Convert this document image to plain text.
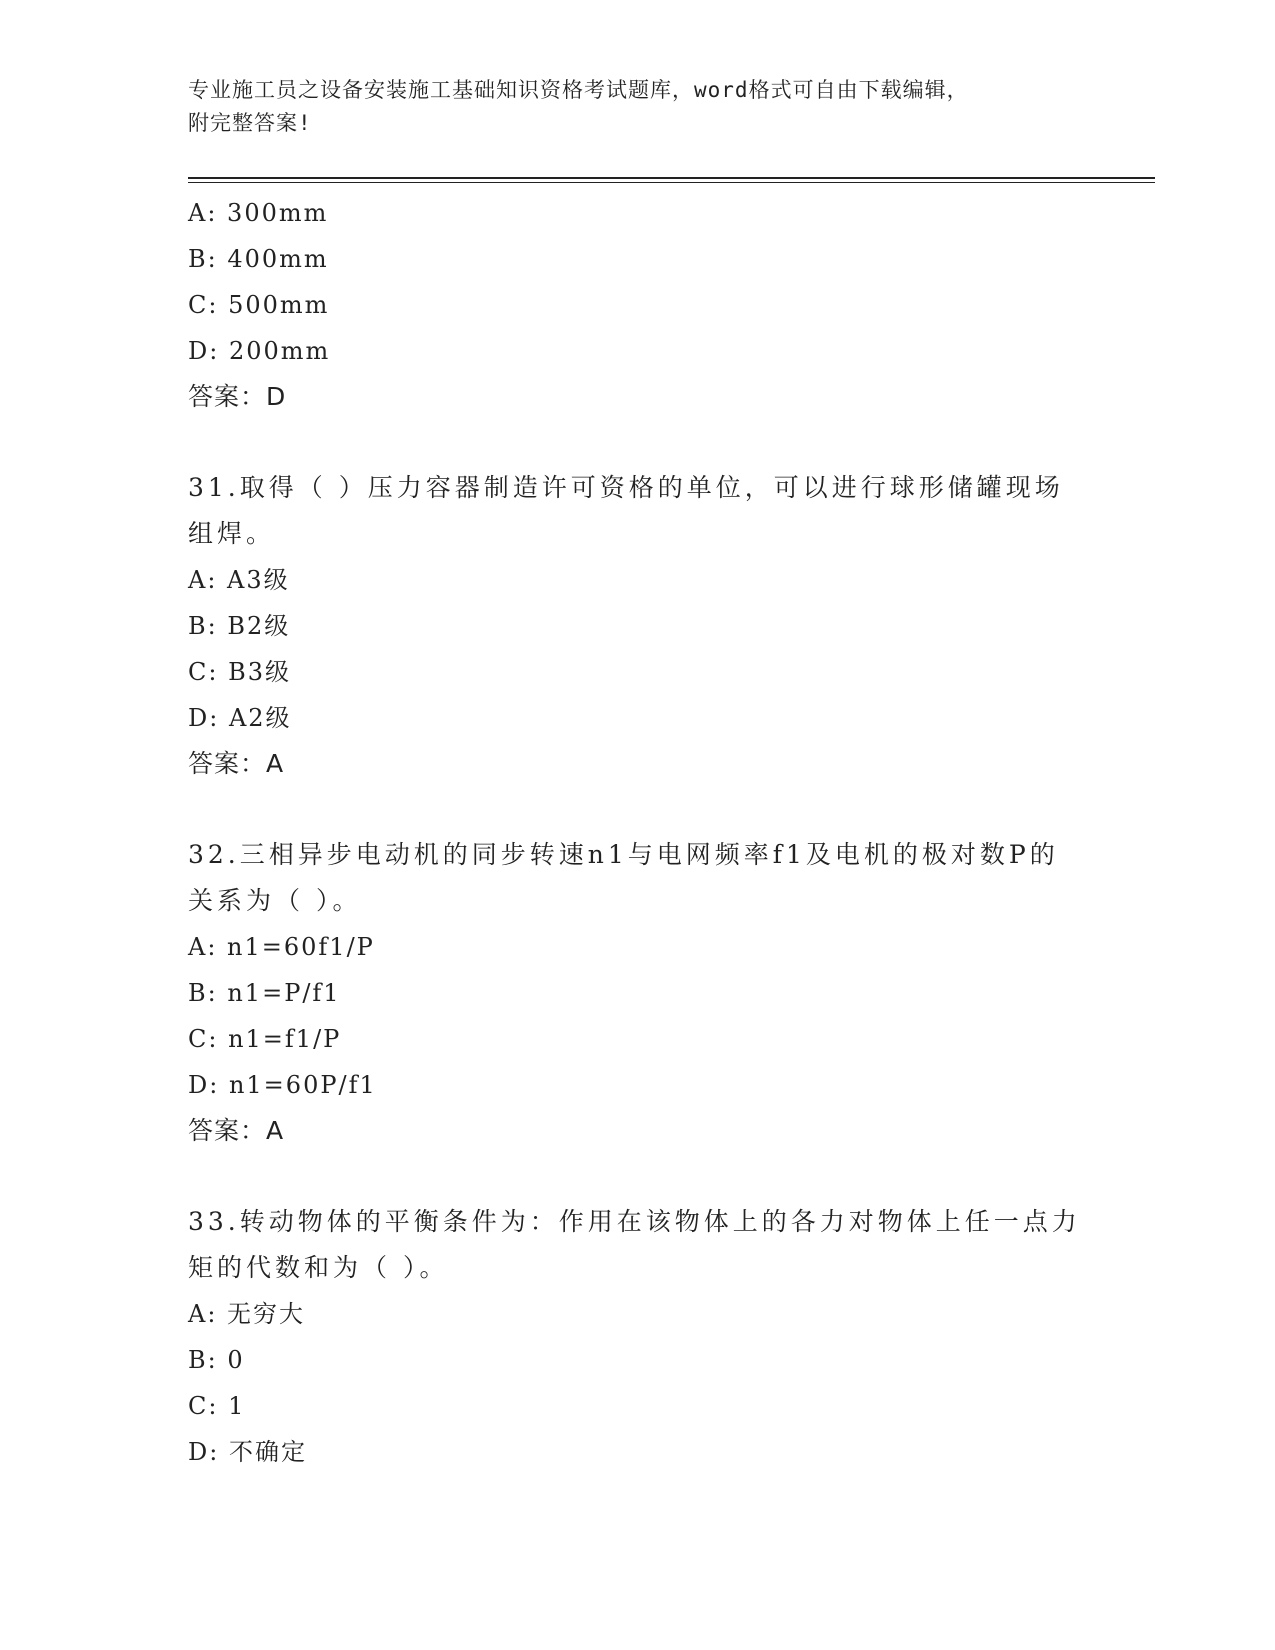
专业施工员之设备安装施工基础知识资格考试题库，word格式可自由下载编辑，
附完整答案!
A: 300mm
B: 400mm
C: 500mm
D: 200mm
答案：D
31.取得（ ）压力容器制造许可资格的单位，可以进行球形储罐现场
组焊。
A: A3级
B: B2级
C: B3级
D: A2级
答案：A
32.三相异步电动机的同步转速n1与电网频率f1及电机的极对数P的
关系为（ ）。
A: n1=60f1/P
B: n1=P/f1
C: n1=f1/P
D: n1=60P/f1
答案：A
33.转动物体的平衡条件为：作用在该物体上的各力对物体上任一点力
矩的代数和为（ ）。
A: 无穷大
B: 0
C: 1
D: 不确定
